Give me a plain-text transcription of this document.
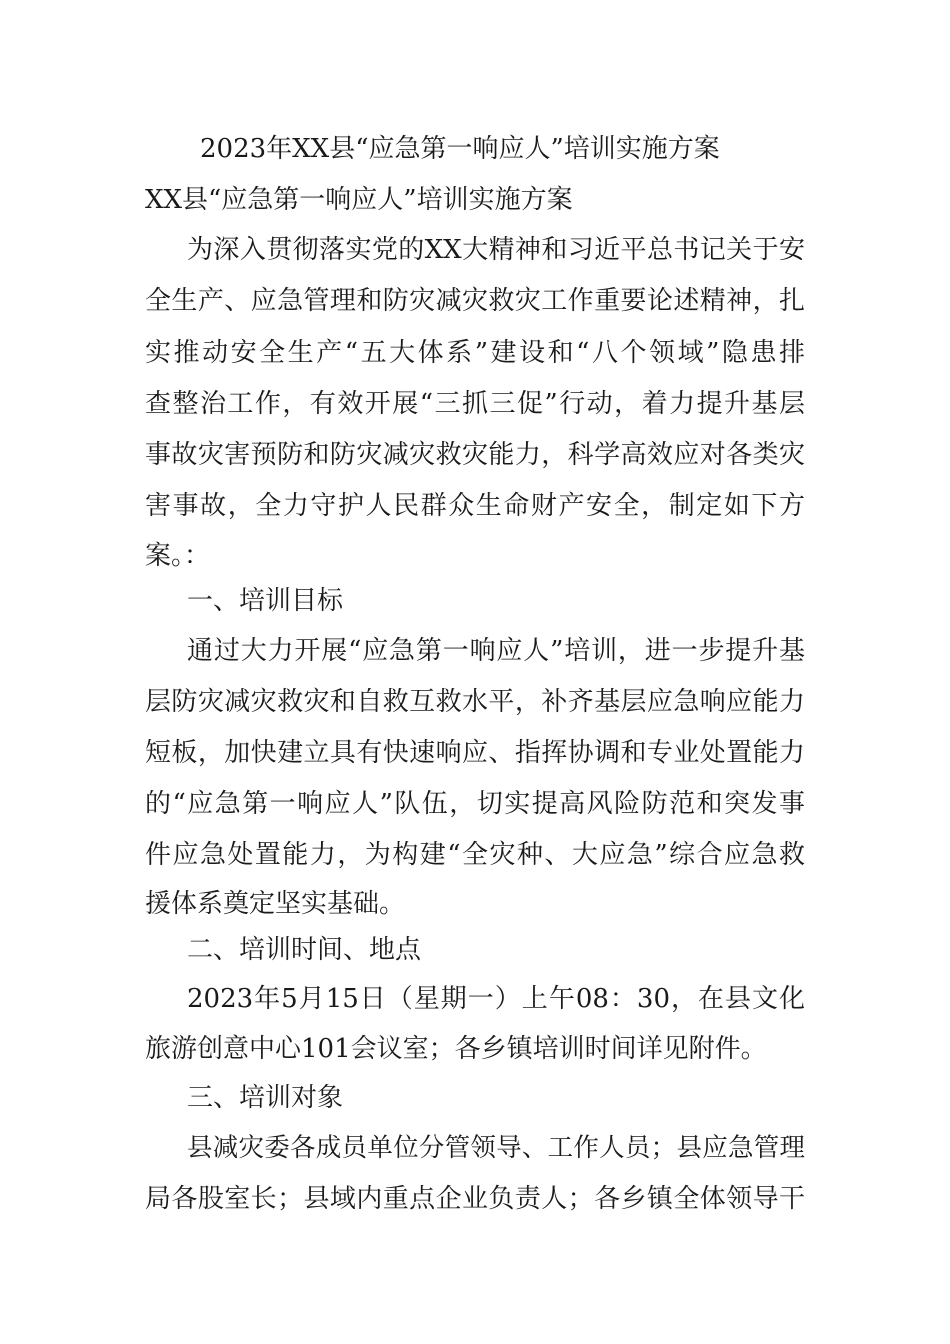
2023年XX县“应急第一响应人”培训实施方案

XX县“应急第一响应人”培训实施方案

为深入贯彻落实党的XX大精神和习近平总书记关于安

全生产、应急管理和防灾减灾救灾工作重要论述精神，扎

实推动安全生产“五大体系”建设和“八个领域”隐患排

查整治工作，有效开展“三抓三促”行动，着力提升基层

事故灾害预防和防灾减灾救灾能力，科学高效应对各类灾

害事故，全力守护人民群众生命财产安全，制定如下方

案。：

一、培训目标

通过大力开展“应急第一响应人”培训，进一步提升基

层防灾减灾救灾和自救互救水平，补齐基层应急响应能力

短板，加快建立具有快速响应、指挥协调和专业处置能力

的“应急第一响应人”队伍，切实提高风险防范和突发事

件应急处置能力，为构建“全灾种、大应急”综合应急救

援体系奠定坚实基础。

二、培训时间、地点

2023年5月15日（星期一）上午08：30，在县文化

旅游创意中心101会议室；各乡镇培训时间详见附件。

三、培训对象

县减灾委各成员单位分管领导、工作人员；县应急管理

局各股室长；县域内重点企业负责人；各乡镇全体领导干
